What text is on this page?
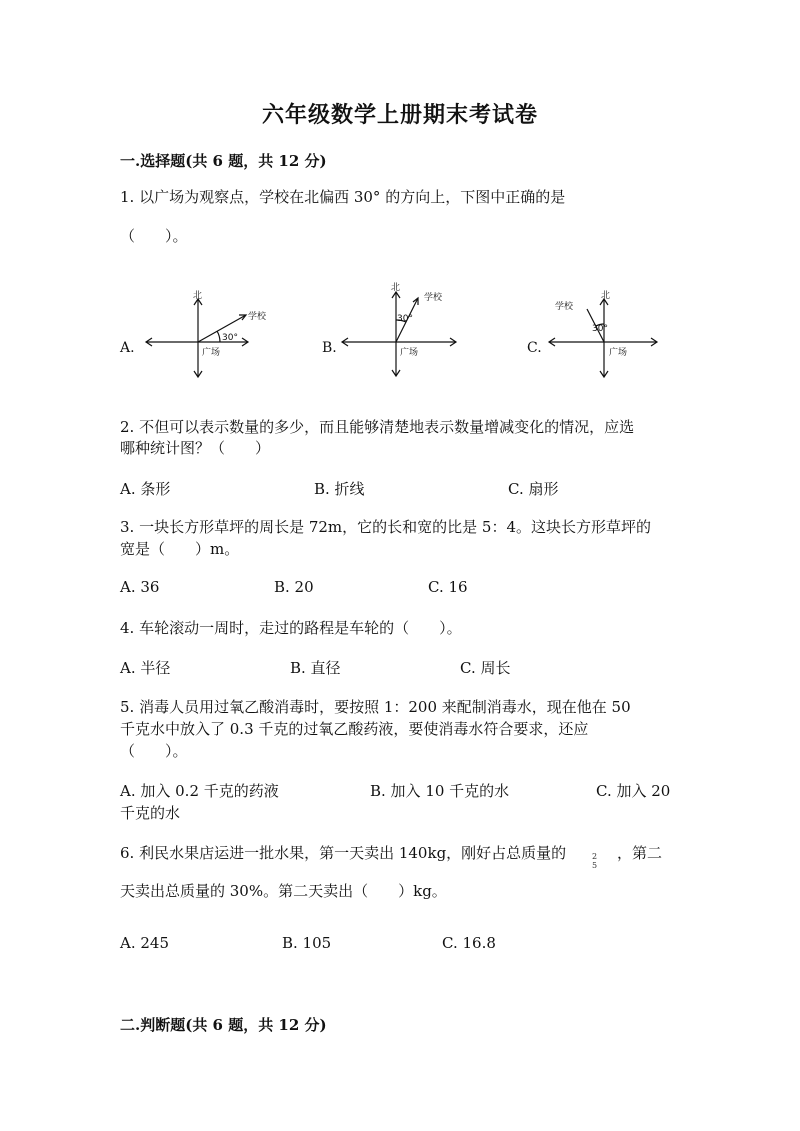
六年级数学上册期末考试卷
一.选择题(共 6 题，共 12 分)
1. 以广场为观察点，学校在北偏西 30° 的方向上，下图中正确的是
（　　）。
A.
北
学校
广场
30°
B.
北
学校
广场
30°
C.
学校
北
广场
30°
2. 不但可以表示数量的多少，而且能够清楚地表示数量增减变化的情况，应选
哪种统计图？（　　）
A. 条形	B. 折线	C. 扇形
3. 一块长方形草坪的周长是 72m，它的长和宽的比是 5：4。这块长方形草坪的
宽是（　　）m。
A. 36	B. 20	C. 16
4. 车轮滚动一周时，走过的路程是车轮的（　　）。
A. 半径	B. 直径	C. 周长
5. 消毒人员用过氧乙酸消毒时，要按照 1：200 来配制消毒水，现在他在 50
千克水中放入了 0.3 千克的过氧乙酸药液，要使消毒水符合要求，还应
（　　）。
A. 加入 0.2 千克的药液	B. 加入 10 千克的水	C. 加入 20
千克的水
6. 利民水果店运进一批水果，第一天卖出 140kg，刚好占总质量的	2
5
，第二
天卖出总质量的 30%。第二天卖出（　　）kg。
A. 245	B. 105	C. 16.8
二.判断题(共 6 题，共 12 分)
